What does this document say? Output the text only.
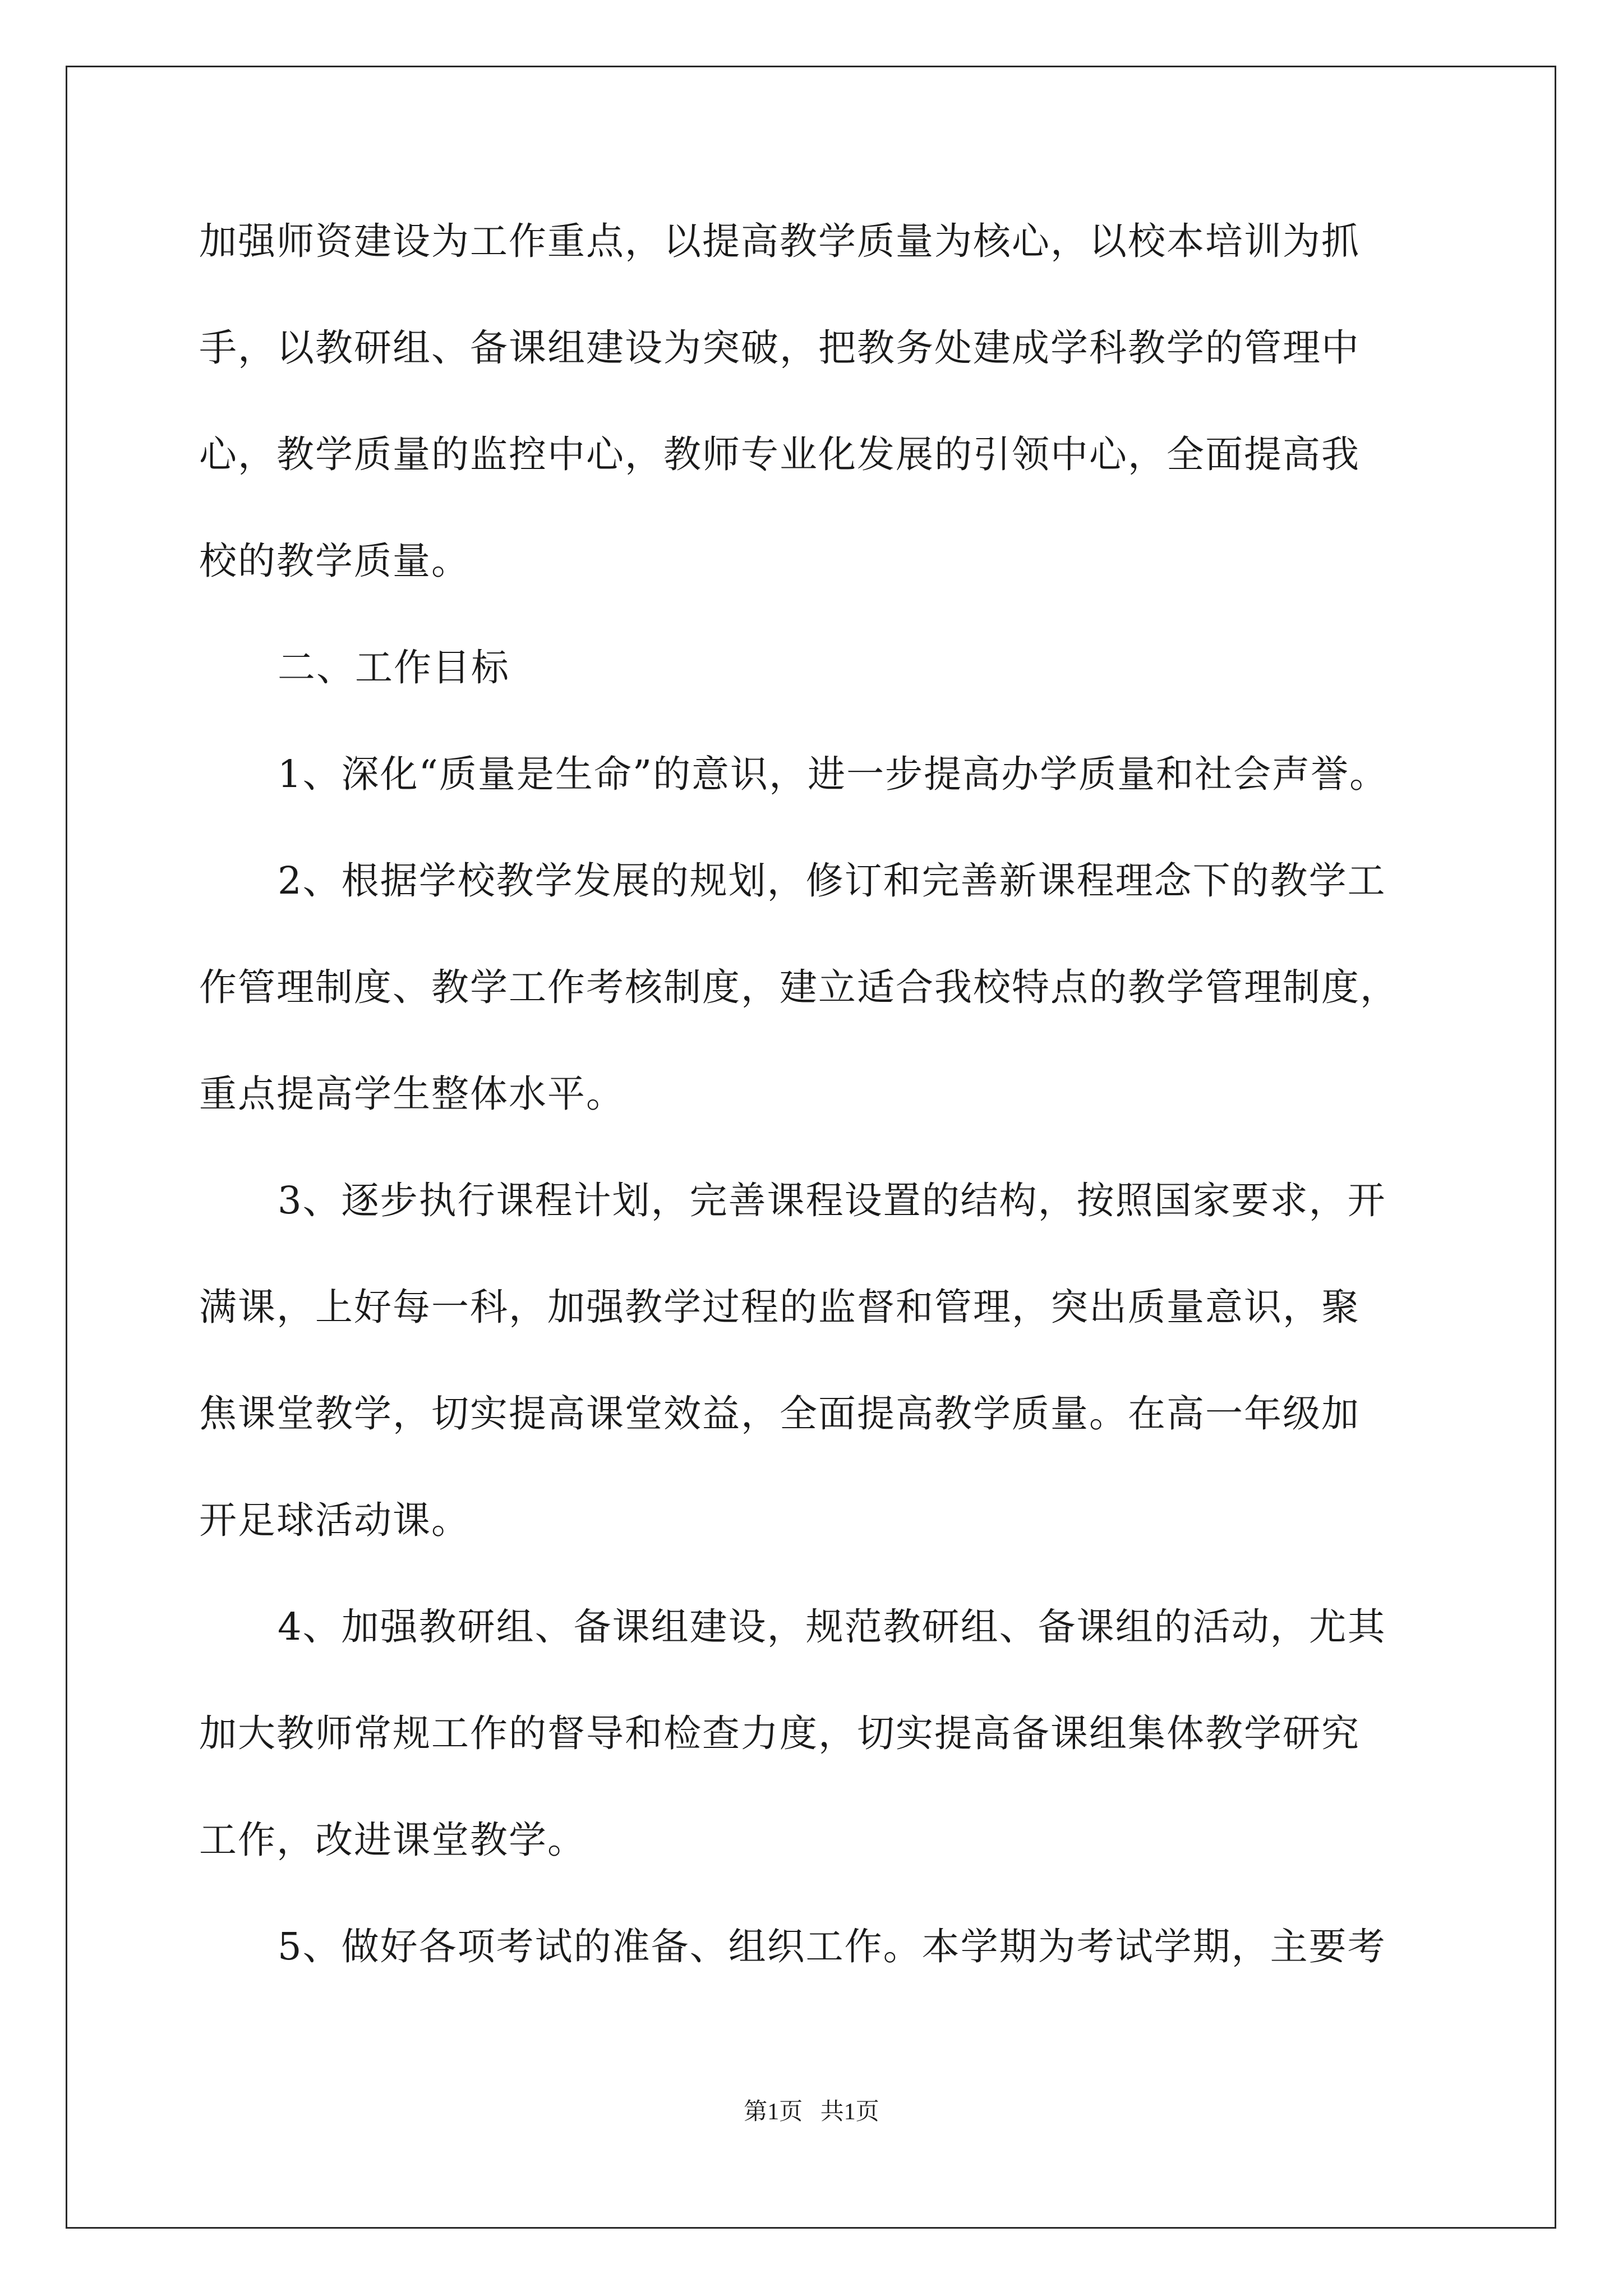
加强师资建设为工作重点，以提高教学质量为核心，以校本培训为抓
手，以教研组、备课组建设为突破，把教务处建成学科教学的管理中
心，教学质量的监控中心，教师专业化发展的引领中心，全面提高我
校的教学质量。
二、工作目标
1、深化“质量是生命”的意识，进一步提高办学质量和社会声誉。
2、根据学校教学发展的规划，修订和完善新课程理念下的教学工
作管理制度、教学工作考核制度，建立适合我校特点的教学管理制度，
重点提高学生整体水平。
3、逐步执行课程计划，完善课程设置的结构，按照国家要求，开
满课，上好每一科，加强教学过程的监督和管理，突出质量意识，聚
焦课堂教学，切实提高课堂效益，全面提高教学质量。在高一年级加
开足球活动课。
4、加强教研组、备课组建设，规范教研组、备课组的活动，尤其
加大教师常规工作的督导和检查力度，切实提高备课组集体教学研究
工作，改进课堂教学。
5、做好各项考试的准备、组织工作。本学期为考试学期，主要考
第1页   共1页
